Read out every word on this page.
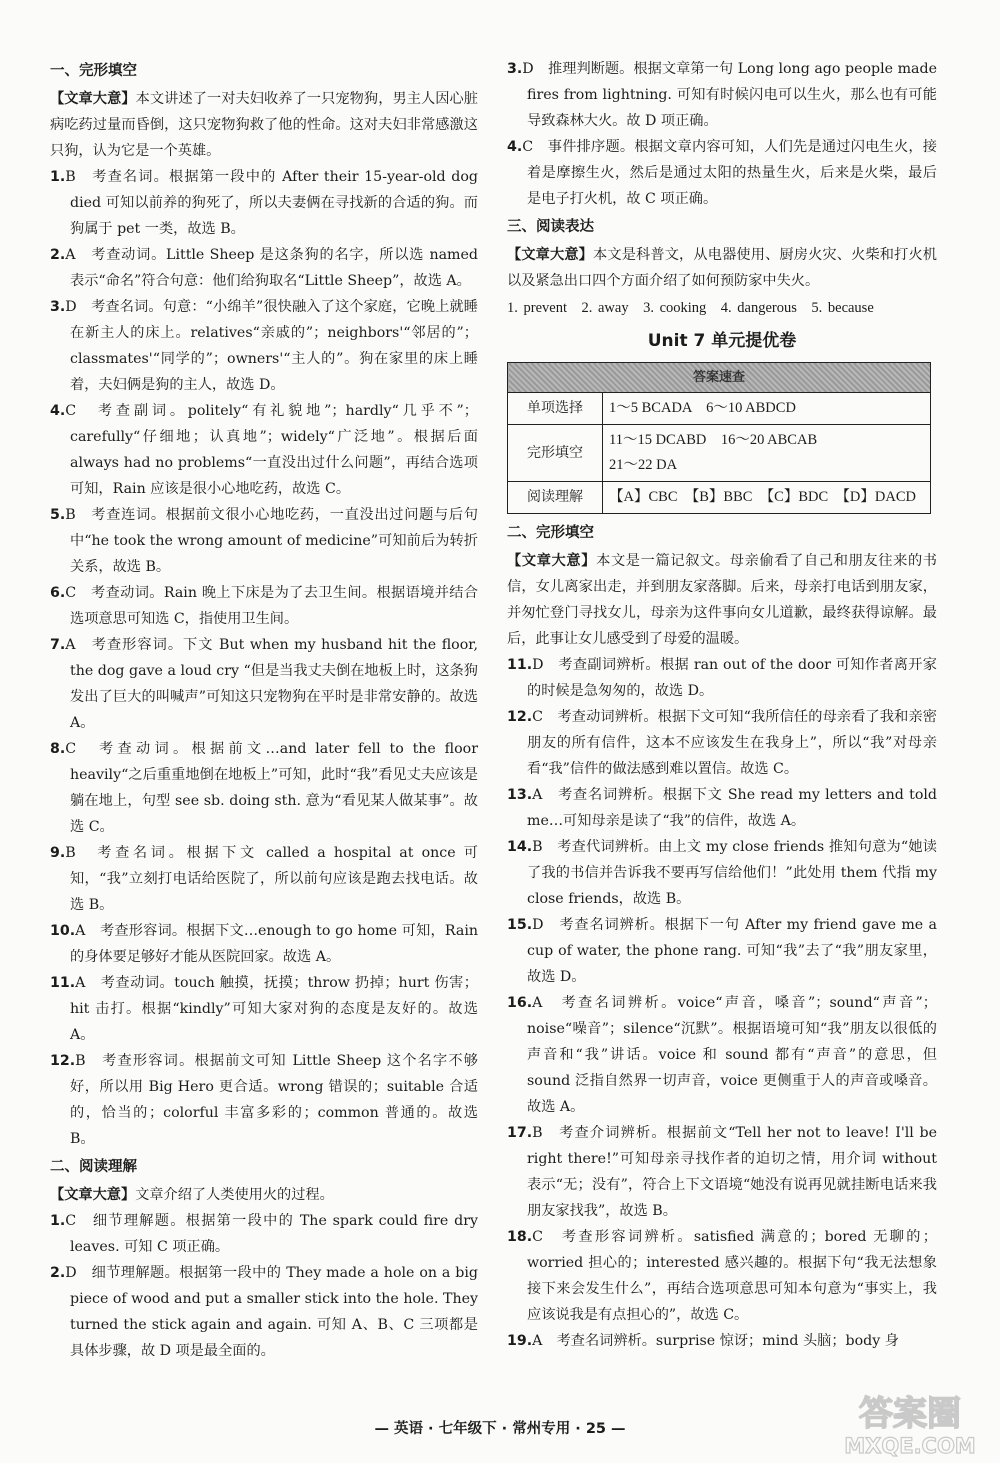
一、完形填空
【文章大意】本文讲述了一对夫妇收养了一只宠物狗，男主人因心脏病吃药过量而昏倒，这只宠物狗救了他的性命。这对夫妇非常感激这只狗，认为它是一个英雄。
1.B　考查名词。根据第一段中的 After their 15-year-old dog died 可知以前养的狗死了，所以夫妻俩在寻找新的合适的狗。而狗属于 pet 一类，故选 B。
2.A　考查动词。Little Sheep 是这条狗的名字，所以选 named 表示“命名”符合句意：他们给狗取名“Little Sheep”，故选 A。
3.D　考查名词。句意：“小绵羊”很快融入了这个家庭，它晚上就睡在新主人的床上。relatives“亲戚的”；neighbors'“邻居的”；classmates'“同学的”；owners'“主人的”。狗在家里的床上睡着，夫妇俩是狗的主人，故选 D。
4.C　考查副词。politely“有礼貌地”；hardly“几乎不”；carefully“仔细地；认真地”；widely“广泛地”。根据后面 always had no problems“一直没出过什么问题”，再结合选项可知，Rain 应该是很小心地吃药，故选 C。
5.B　考查连词。根据前文很小心地吃药，一直没出过问题与后句中“he took the wrong amount of medicine”可知前后为转折关系，故选 B。
6.C　考查动词。Rain 晚上下床是为了去卫生间。根据语境并结合选项意思可知选 C，指使用卫生间。
7.A　考查形容词。下文 But when my husband hit the floor, the dog gave a loud cry “但是当我丈夫倒在地板上时，这条狗发出了巨大的叫喊声”可知这只宠物狗在平时是非常安静的。故选 A。
8.C　考查动词。根据前文…and later fell to the floor heavily“之后重重地倒在地板上”可知，此时“我”看见丈夫应该是躺在地上，句型 see sb. doing sth. 意为“看见某人做某事”。故选 C。
9.B　考查名词。根据下文 called a hospital at once 可知，“我”立刻打电话给医院了，所以前句应该是跑去找电话。故选 B。
10.A　考查形容词。根据下文…enough to go home 可知，Rain 的身体要足够好才能从医院回家。故选 A。
11.A　考查动词。touch 触摸，抚摸；throw 扔掉；hurt 伤害；hit 击打。根据“kindly”可知大家对狗的态度是友好的。故选 A。
12.B　考查形容词。根据前文可知 Little Sheep 这个名字不够好，所以用 Big Hero 更合适。wrong 错误的；suitable 合适的，恰当的；colorful 丰富多彩的；common 普通的。故选 B。
二、阅读理解
【文章大意】文章介绍了人类使用火的过程。
1.C　细节理解题。根据第一段中的 The spark could fire dry leaves. 可知 C 项正确。
2.D　细节理解题。根据第一段中的 They made a hole on a big piece of wood and put a smaller stick into the hole. They turned the stick again and again. 可知 A、B、C 三项都是具体步骤，故 D 项是最全面的。
3.D　推理判断题。根据文章第一句 Long long ago people made fires from lightning. 可知有时候闪电可以生火，那么也有可能导致森林大火。故 D 项正确。
4.C　事件排序题。根据文章内容可知，人们先是通过闪电生火，接着是摩擦生火，然后是通过太阳的热量生火，后来是火柴，最后是电子打火机，故 C 项正确。
三、阅读表达
【文章大意】本文是科普文，从电器使用、厨房火灾、火柴和打火机以及紧急出口四个方面介绍了如何预防家中失火。
1. prevent　2. away　3. cooking　4. dangerous　5. because
Unit 7 单元提优卷
答案速查	
单项选择	1～5 BCADA　6～10 ABDCD
完形填空	11～15 DCABD　16～20 ABCAB
21～22 DA

阅读理解	【A】CBC　【B】BBC　【C】BDC　【D】DACD
二、完形填空
【文章大意】本文是一篇记叙文。母亲偷看了自己和朋友往来的书信，女儿离家出走，并到朋友家落脚。后来，母亲打电话到朋友家，并匆忙登门寻找女儿，母亲为这件事向女儿道歉，最终获得谅解。最后，此事让女儿感受到了母爱的温暖。
11.D　考查副词辨析。根据 ran out of the door 可知作者离开家的时候是急匆匆的，故选 D。
12.C　考查动词辨析。根据下文可知“我所信任的母亲看了我和亲密朋友的所有信件，这本不应该发生在我身上”，所以“我”对母亲看“我”信件的做法感到难以置信。故选 C。
13.A　考查名词辨析。根据下文 She read my letters and told me…可知母亲是读了“我”的信件，故选 A。
14.B　考查代词辨析。由上文 my close friends 推知句意为“她读了我的书信并告诉我不要再写信给他们！”此处用 them 代指 my close friends，故选 B。
15.D　考查名词辨析。根据下一句 After my friend gave me a cup of water, the phone rang. 可知“我”去了“我”朋友家里，故选 D。
16.A　考查名词辨析。voice“声音，嗓音”；sound“声音”；noise“噪音”；silence“沉默”。根据语境可知“我”朋友以很低的声音和“我”讲话。voice 和 sound 都有“声音”的意思，但 sound 泛指自然界一切声音，voice 更侧重于人的声音或嗓音。故选 A。
17.B　考查介词辨析。根据前文“Tell her not to leave! I'll be right there!”可知母亲寻找作者的迫切之情，用介词 without 表示“无；没有”，符合上下文语境“她没有说再见就挂断电话来我朋友家找我”，故选 B。
18.C　考查形容词辨析。satisfied 满意的；bored 无聊的；worried 担心的；interested 感兴趣的。根据下句“我无法想象接下来会发生什么”，再结合选项意思可知本句意为“事实上，我应该说我是有点担心的”，故选 C。
19.A　考查名词辨析。surprise 惊讶；mind 头脑；body 身
— 英语 · 七年级下 · 常州专用 · 25 —	答案圈
MXQE.COM
